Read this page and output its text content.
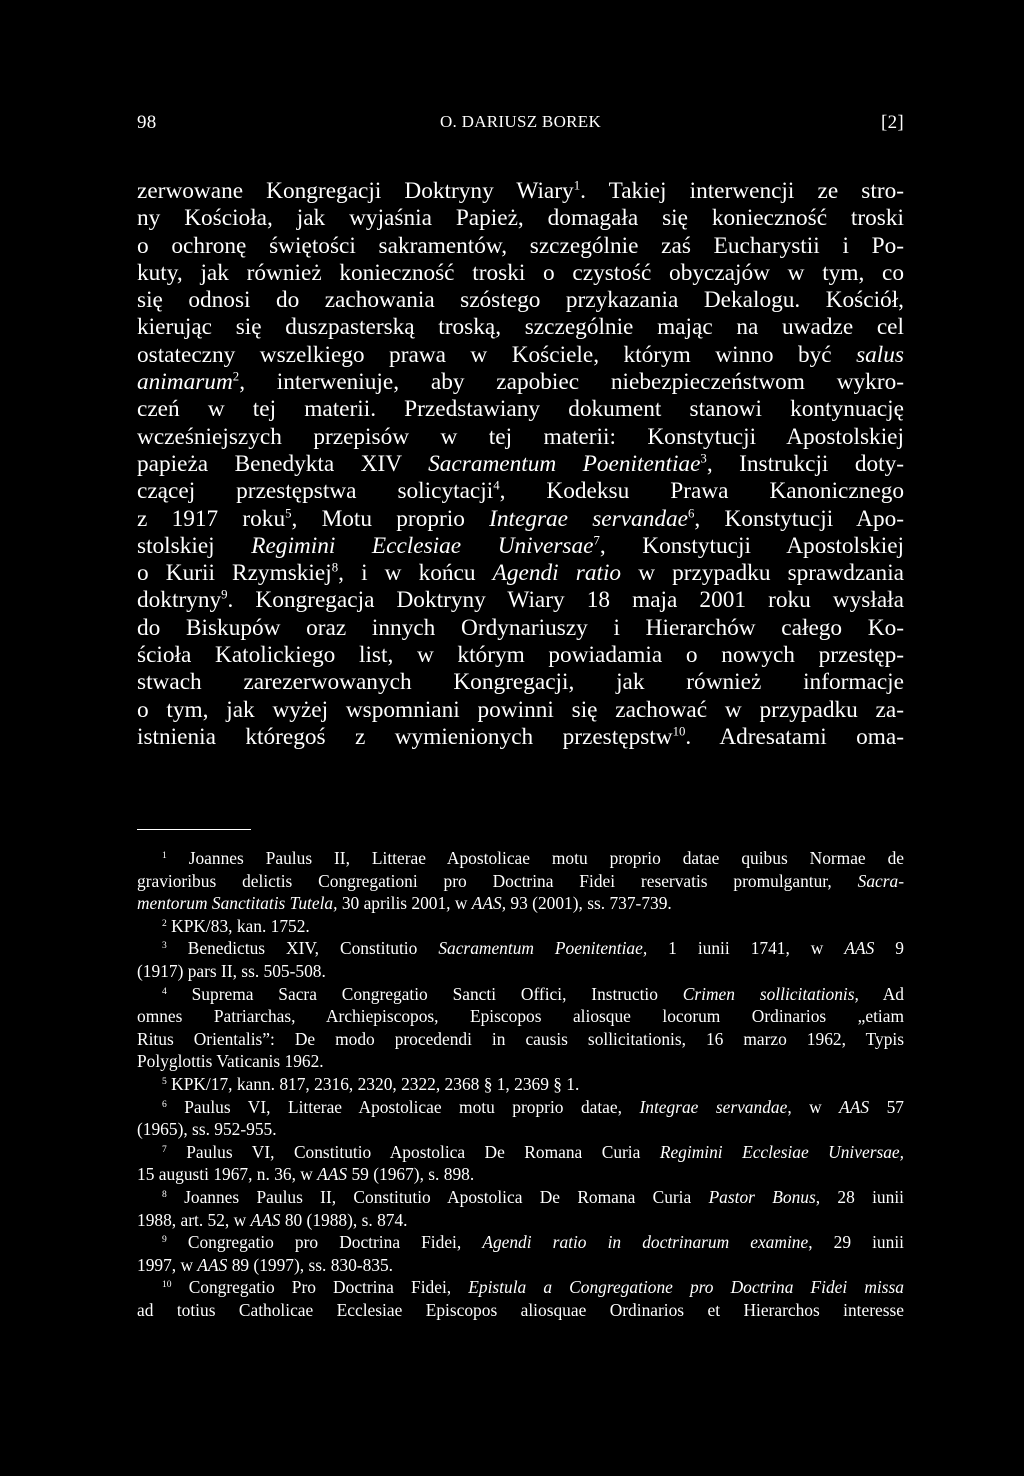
98	O. DARIUSZ BOREK	[2]
zerwowane Kongregacji Doktryny Wiary$^1$. Takiej interwencji ze stro-
ny Kościoła, jak wyjaśnia Papież, domagała się konieczność troski
o ochronę świętości sakramentów, szczególnie zaś Eucharystii i Po-
kuty, jak również konieczność troski o czystość obyczajów w tym, co
się odnosi do zachowania szóstego przykazania Dekalogu. Kościół,
kierując się duszpasterską troską, szczególnie mając na uwadze cel
ostateczny wszelkiego prawa w Kościele, którym winno być salus
animarum$^2$, interweniuje, aby zapobiec niebezpieczeństwom wykro-
czeń w tej materii. Przedstawiany dokument stanowi kontynuację
wcześniejszych przepisów w tej materii: Konstytucji Apostolskiej
papieża Benedykta XIV Sacramentum Poenitentiae$^3$, Instrukcji doty-
czącej przestępstwa solicytacji$^4$, Kodeksu Prawa Kanonicznego
z 1917 roku$^5$, Motu proprio Integrae servandae$^6$, Konstytucji Apo-
stolskiej Regimini Ecclesiae Universae$^7$, Konstytucji Apostolskiej
o Kurii Rzymskiej$^8$, i w końcu Agendi ratio w przypadku sprawdzania
doktryny$^9$. Kongregacja Doktryny Wiary 18 maja 2001 roku wysłała
do Biskupów oraz innych Ordynariuszy i Hierarchów całego Ko-
ścioła Katolickiego list, w którym powiadamia o nowych przestęp-
stwach zarezerwowanych Kongregacji, jak również informacje
o tym, jak wyżej wspomniani powinni się zachować w przypadku za-
istnienia któregoś z wymienionych przestępstw$^{10}$. Adresatami oma-
$^1$ Joannes Paulus II, Litterae Apostolicae motu proprio datae quibus Normae de
gravioribus delictis Congregationi pro Doctrina Fidei reservatis promulgantur, Sacra-
mentorum Sanctitatis Tutela, 30 aprilis 2001, w AAS, 93 (2001), ss. 737-739.
$^2$ KPK/83, kan. 1752.
$^3$ Benedictus XIV, Constitutio Sacramentum Poenitentiae, 1 iunii 1741, w AAS 9
(1917) pars II, ss. 505-508.
$^4$ Suprema Sacra Congregatio Sancti Offici, Instructio Crimen sollicitationis, Ad
omnes Patriarchas, Archiepiscopos, Episcopos aliosque locorum Ordinarios „etiam
Ritus Orientalis”: De modo procedendi in causis sollicitationis, 16 marzo 1962, Typis
Polyglottis Vaticanis 1962.
$^5$ KPK/17, kann. 817, 2316, 2320, 2322, 2368 § 1, 2369 § 1.
$^6$ Paulus VI, Litterae Apostolicae motu proprio datae, Integrae servandae, w AAS 57
(1965), ss. 952-955.
$^7$ Paulus VI, Constitutio Apostolica De Romana Curia Regimini Ecclesiae Universae,
15 augusti 1967, n. 36, w AAS 59 (1967), s. 898.
$^8$ Joannes Paulus II, Constitutio Apostolica De Romana Curia Pastor Bonus, 28 iunii
1988, art. 52, w AAS 80 (1988), s. 874.
$^9$ Congregatio pro Doctrina Fidei, Agendi ratio in doctrinarum examine, 29 iunii
1997, w AAS 89 (1997), ss. 830-835.
$^{10}$ Congregatio Pro Doctrina Fidei, Epistula a Congregatione pro Doctrina Fidei missa
ad totius Catholicae Ecclesiae Episcopos aliosquae Ordinarios et Hierarchos interesse
